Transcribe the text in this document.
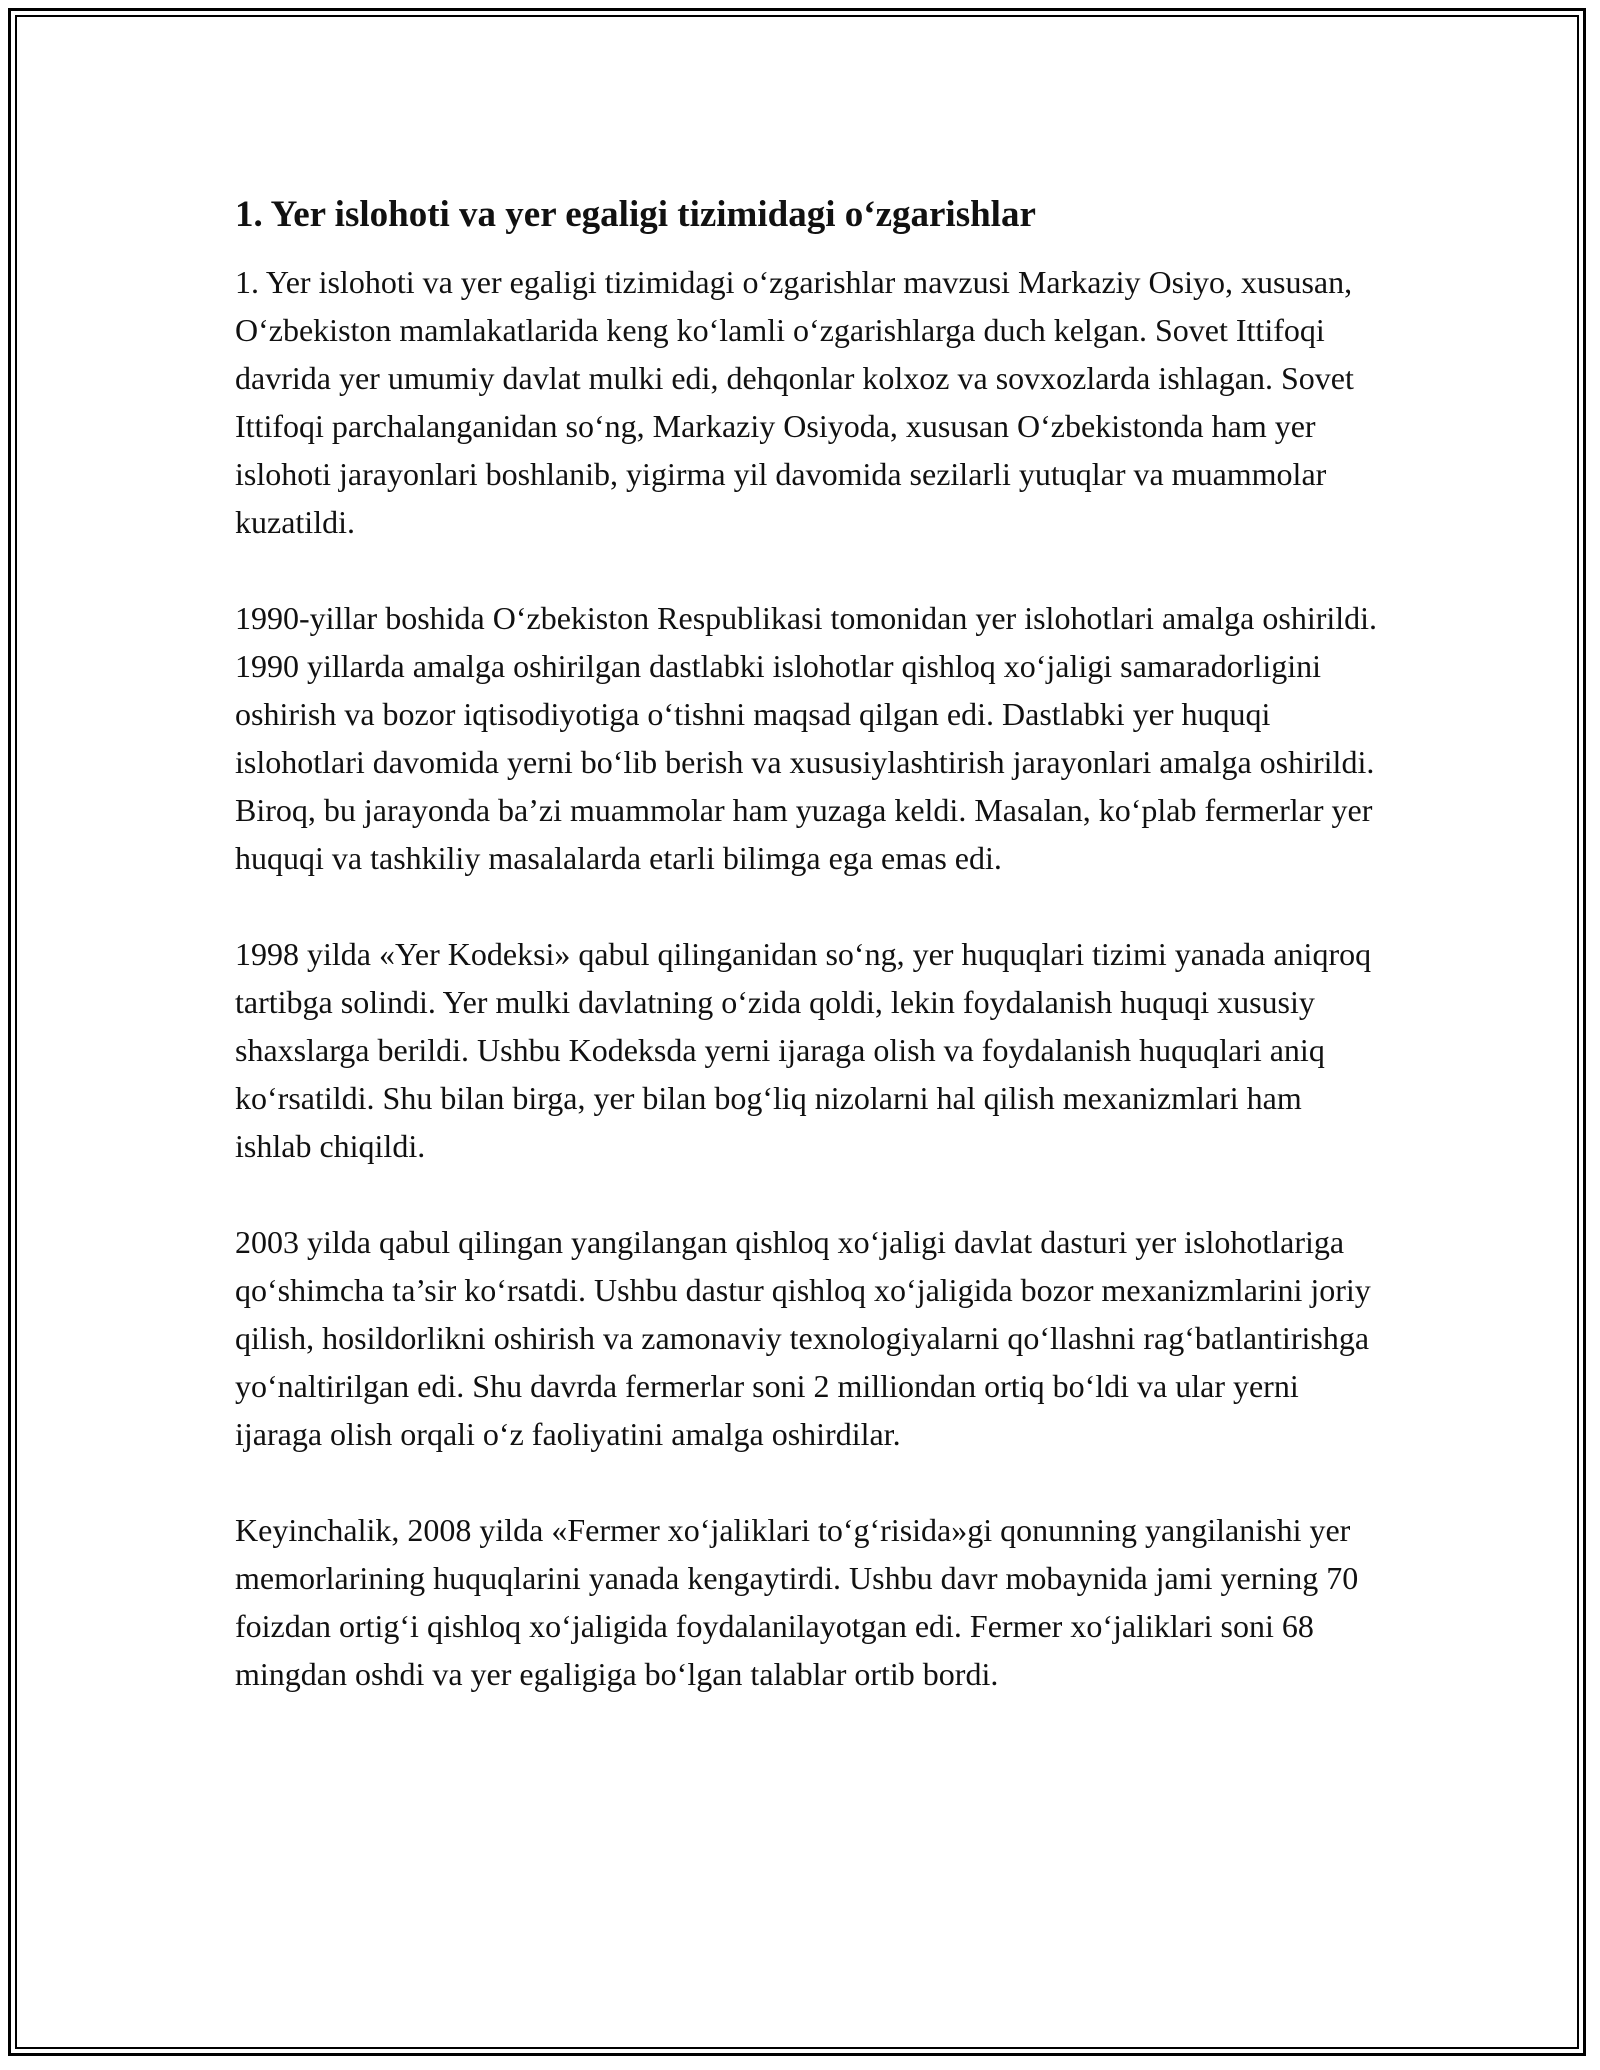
1. Yer islohoti va yer egaligi tizimidagi o‘zgarishlar

1. Yer islohoti va yer egaligi tizimidagi o‘zgarishlar mavzusi Markaziy Osiyo, xususan, O‘zbekiston mamlakatlarida keng ko‘lamli o‘zgarishlarga duch kelgan. Sovet Ittifoqi davrida yer umumiy davlat mulki edi, dehqonlar kolxoz va sovxozlarda ishlagan. Sovet Ittifoqi parchalanganidan so‘ng, Markaziy Osiyoda, xususan O‘zbekistonda ham yer islohoti jarayonlari boshlanib, yigirma yil davomida sezilarli yutuqlar va muammolar kuzatildi.

1990-yillar boshida O‘zbekiston Respublikasi tomonidan yer islohotlari amalga oshirildi. 1990 yillarda amalga oshirilgan dastlabki islohotlar qishloq xo‘jaligi samaradorligini oshirish va bozor iqtisodiyotiga o‘tishni maqsad qilgan edi. Dastlabki yer huquqi islohotlari davomida yerni bo‘lib berish va xususiylashtirish jarayonlari amalga oshirildi. Biroq, bu jarayonda ba’zi muammolar ham yuzaga keldi. Masalan, ko‘plab fermerlar yer huquqi va tashkiliy masalalarda etarli bilimga ega emas edi.

1998 yilda «Yer Kodeksi» qabul qilinganidan so‘ng, yer huquqlari tizimi yanada aniqroq tartibga solindi. Yer mulki davlatning o‘zida qoldi, lekin foydalanish huquqi xususiy shaxslarga berildi. Ushbu Kodeksda yerni ijaraga olish va foydalanish huquqlari aniq ko‘rsatildi. Shu bilan birga, yer bilan bog‘liq nizolarni hal qilish mexanizmlari ham ishlab chiqildi.

2003 yilda qabul qilingan yangilangan qishloq xo‘jaligi davlat dasturi yer islohotlariga qo‘shimcha ta’sir ko‘rsatdi. Ushbu dastur qishloq xo‘jaligida bozor mexanizmlarini joriy qilish, hosildorlikni oshirish va zamonaviy texnologiyalarni qo‘llashni rag‘batlantirishga yo‘naltirilgan edi. Shu davrda fermerlar soni 2 milliondan ortiq bo‘ldi va ular yerni ijaraga olish orqali o‘z faoliyatini amalga oshirdilar.

Keyinchalik, 2008 yilda «Fermer xo‘jaliklari to‘g‘risida»gi qonunning yangilanishi yer memorlarining huquqlarini yanada kengaytirdi. Ushbu davr mobaynida jami yerning 70 foizdan ortig‘i qishloq xo‘jaligida foydalanilayotgan edi. Fermer xo‘jaliklari soni 68 mingdan oshdi va yer egaligiga bo‘lgan talablar ortib bordi.
